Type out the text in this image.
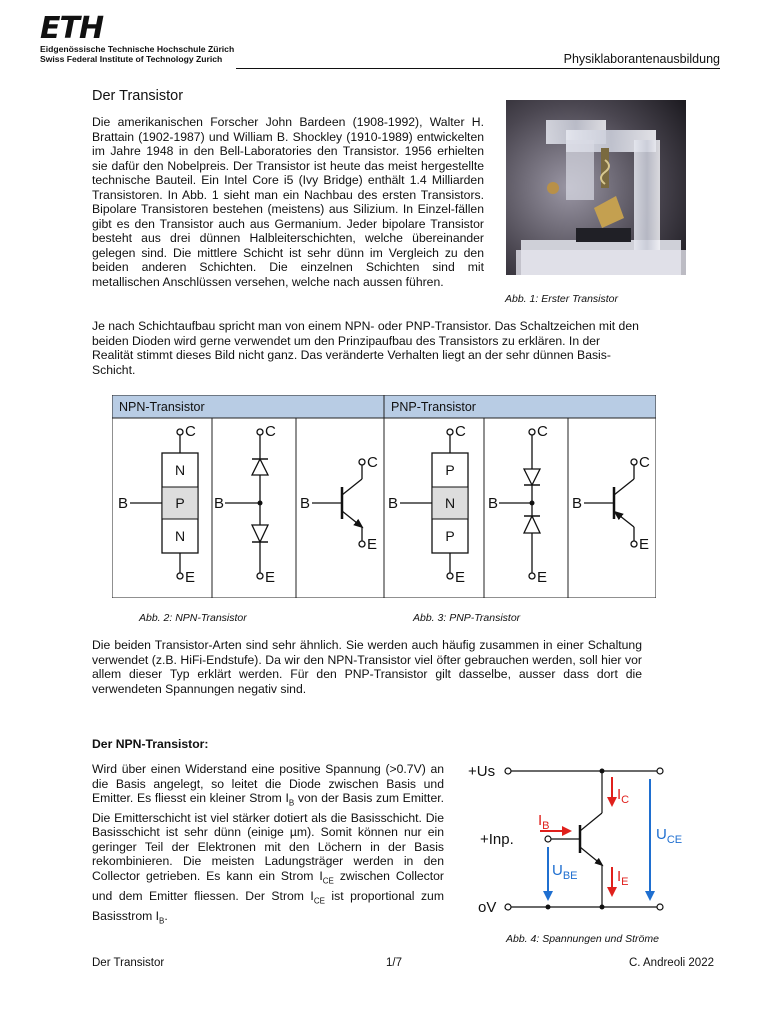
ETH
Eidgenössische Technische Hochschule Zürich
Swiss Federal Institute of Technology Zurich	Physiklaborantenausbildung
Der Transistor
Die amerikanischen Forscher John Bardeen (1908-1992), Walter H. Brattain (1902-1987) und William B. Shockley (1910-1989) entwickelten im Jahre 1948 in den Bell-Laboratories den Transistor. 1956 erhielten sie dafür den Nobelpreis. Der Transistor ist heute das meist hergestellte technische Bauteil. Ein Intel Core i5 (Ivy Bridge) enthält 1.4 Milliarden Transistoren. In Abb. 1 sieht man ein Nachbau des ersten Transistors. Bipolare Transistoren bestehen (meistens) aus Silizium. In Einzel-fällen gibt es den Transistor auch aus Germanium. Jeder bipolare Transistor besteht aus drei dünnen Halbleiterschichten, welche übereinander gelegen sind. Die mittlere Schicht ist sehr dünn im Vergleich zu den beiden anderen Schichten. Die einzelnen Schichten sind mit metallischen Anschlüssen versehen, welche nach aussen führen.
Abb. 1: Erster Transistor
Je nach Schichtaufbau spricht man von einem NPN- oder PNP-Transistor. Das Schaltzeichen mit den beiden Dioden wird gerne verwendet um den Prinzipaufbau des Transistors zu erklären. In der Realität stimmt dieses Bild nicht ganz. Das veränderte Verhalten liegt an der sehr dünnen Basis-Schicht.
NPN-Transistor	PNP-Transistor
C
N
P
N
B
E
C
B
E
B
C
E
C
P
N
P
B
E
C
B
E
B
C
E
Abb. 2: NPN-Transistor	Abb. 3: PNP-Transistor
Die beiden Transistor-Arten sind sehr ähnlich. Sie werden auch häufig zusammen in einer Schaltung verwendet (z.B. HiFi-Endstufe). Da wir den NPN-Transistor viel öfter gebrauchen werden, soll hier vor allem dieser Typ erklärt werden. Für den PNP-Transistor gilt dasselbe, ausser dass dort die verwendeten Spannungen negativ sind.
Der NPN-Transistor:
Wird über einen Widerstand eine positive Spannung (>0.7V) an die Basis angelegt, so leitet die Diode zwischen Basis und Emitter. Es fliesst ein kleiner Strom $I_B$ von der Basis zum Emitter. Die Emitterschicht ist viel stärker dotiert als die Basisschicht. Die Basisschicht ist sehr dünn (einige µm). Somit können nur ein geringer Teil der Elektronen mit den Löchern in der Basis rekombinieren. Die meisten Ladungsträger werden in den Collector getrieben. Es kann ein Strom $I_{CE}$ zwischen Collector und dem Emitter fliessen. Der Strom $I_{CE}$ ist proportional zum Basisstrom $I_B$.
+Us
oV
+Inp.
$I_C$
$I_B$
$I_E$
$U_{BE}$
$U_{CE}$
Abb. 4: Spannungen und Ströme
Der Transistor	1/7	C. Andreoli 2022
